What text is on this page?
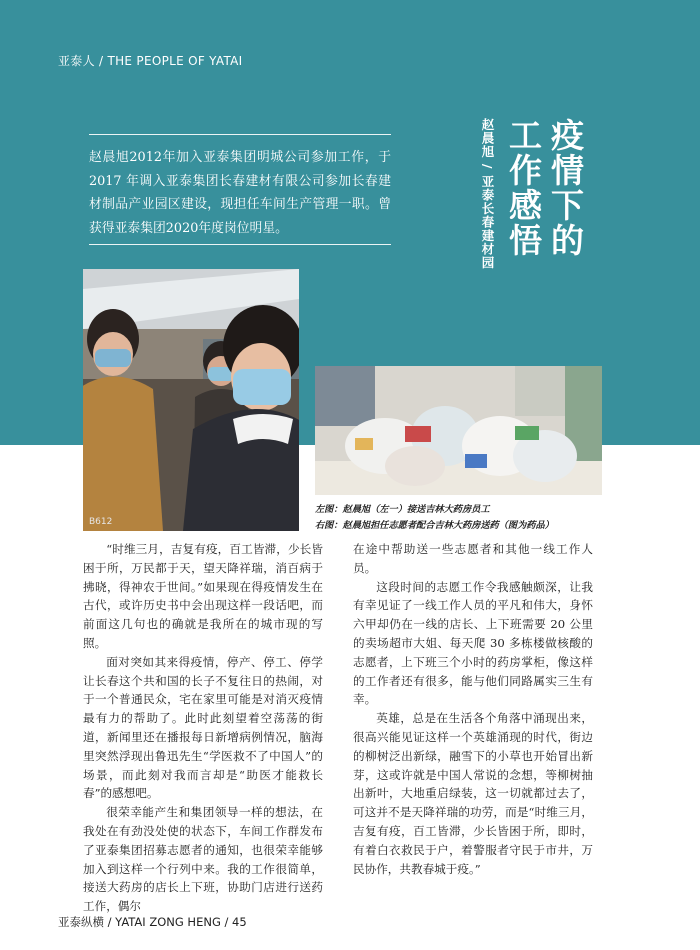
亚泰人 / THE PEOPLE OF YATAI

赵晨旭2012年加入亚泰集团明城公司参加工作，于 2017 年调入亚泰集团长春建材有限公司参加长春建材制品产业园区建设，现担任车间生产管理一职。曾获得亚泰集团2020年度岗位明星。	疫情下的
工作感悟
赵晨旭 / 亚泰长春建材园
B612
左图：赵晨旭（左一）接送吉林大药房员工
右图：赵晨旭担任志愿者配合吉林大药房送药（图为药品）

“时维三月，吉复有疫，百工皆滞，少长皆困于所，万民都于天，望天降祥瑞，消百病于拂晓，得神农于世间。”如果现在得疫情发生在古代，或许历史书中会出现这样一段话吧，而前面这几句也的确就是我所在的城市现的写照。

面对突如其来得疫情，停产、停工、停学让长春这个共和国的长子不复往日的热闹，对于一个普通民众，宅在家里可能是对消灭疫情最有力的帮助了。此时此刻望着空荡荡的街道，新闻里还在播报每日新增病例情况，脑海里突然浮现出鲁迅先生“学医救不了中国人”的场景，而此刻对我而言却是“助医才能救长春”的感想吧。

很荣幸能产生和集团领导一样的想法，在我处在有劲没处使的状态下，车间工作群发布了亚泰集团招募志愿者的通知，也很荣幸能够加入到这样一个行列中来。我的工作很简单，接送大药房的店长上下班，协助门店进行送药工作，偶尔

在途中帮助送一些志愿者和其他一线工作人员。

这段时间的志愿工作令我感触颇深，让我有幸见证了一线工作人员的平凡和伟大，身怀六甲却仍在一线的店长、上下班需要 20 公里的卖场超市大姐、每天爬 30 多栋楼做核酸的志愿者，上下班三个小时的药房掌柜，像这样的工作者还有很多，能与他们同路属实三生有幸。

英雄，总是在生活各个角落中涌现出来，很高兴能见证这样一个英雄涌现的时代，街边的柳树泛出新绿，融雪下的小草也开始冒出新芽，这或许就是中国人常说的念想，等柳树抽出新叶，大地重启绿装，这一切就都过去了，可这并不是天降祥瑞的功劳，而是“时维三月，吉复有疫，百工皆滞，少长皆困于所，即时，有着白衣救民于户，着警服者守民于市井，万民协作，共教春城于疫。”

亚泰纵横 / YATAI ZONG HENG / 45
